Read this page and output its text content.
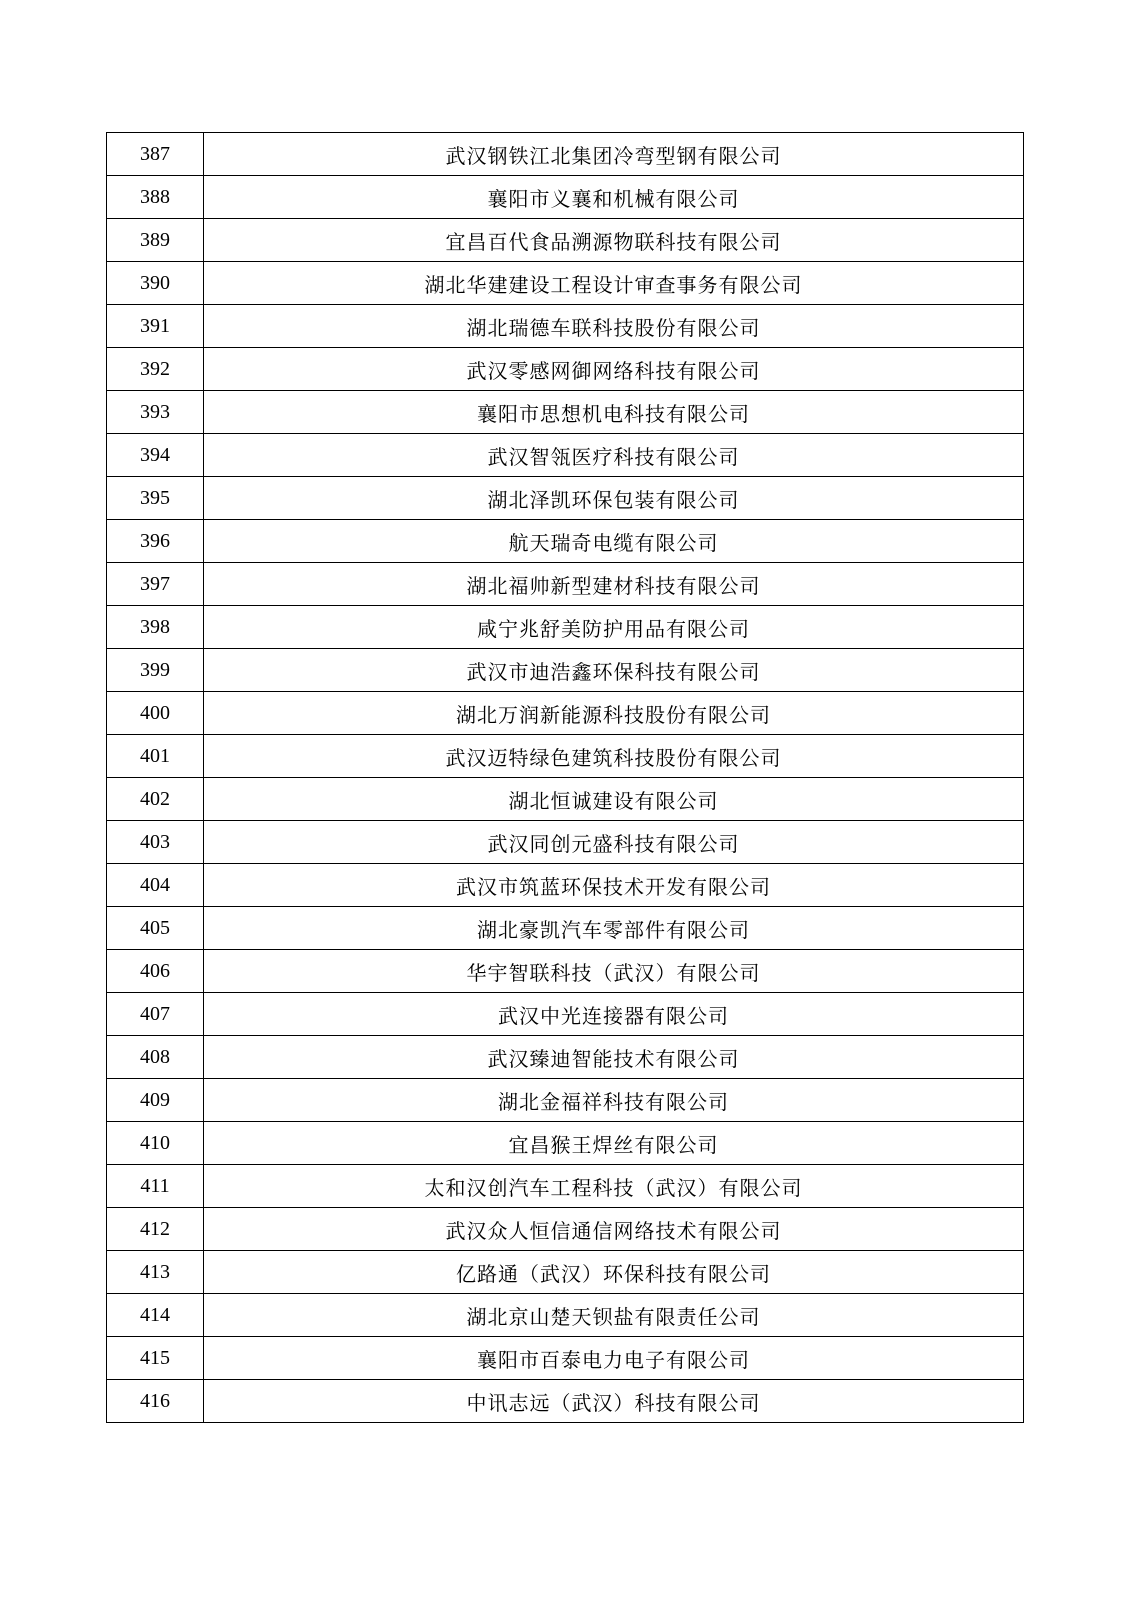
387	武汉钢铁江北集团冷弯型钢有限公司
388	襄阳市义襄和机械有限公司
389	宜昌百代食品溯源物联科技有限公司
390	湖北华建建设工程设计审查事务有限公司
391	湖北瑞德车联科技股份有限公司
392	武汉零感网御网络科技有限公司
393	襄阳市思想机电科技有限公司
394	武汉智瓴医疗科技有限公司
395	湖北泽凯环保包装有限公司
396	航天瑞奇电缆有限公司
397	湖北福帅新型建材科技有限公司
398	咸宁兆舒美防护用品有限公司
399	武汉市迪浩鑫环保科技有限公司
400	湖北万润新能源科技股份有限公司
401	武汉迈特绿色建筑科技股份有限公司
402	湖北恒诚建设有限公司
403	武汉同创元盛科技有限公司
404	武汉市筑蓝环保技术开发有限公司
405	湖北豪凯汽车零部件有限公司
406	华宇智联科技（武汉）有限公司
407	武汉中光连接器有限公司
408	武汉臻迪智能技术有限公司
409	湖北金福祥科技有限公司
410	宜昌猴王焊丝有限公司
411	太和汉创汽车工程科技（武汉）有限公司
412	武汉众人恒信通信网络技术有限公司
413	亿路通（武汉）环保科技有限公司
414	湖北京山楚天钡盐有限责任公司
415	襄阳市百泰电力电子有限公司
416	中讯志远（武汉）科技有限公司
